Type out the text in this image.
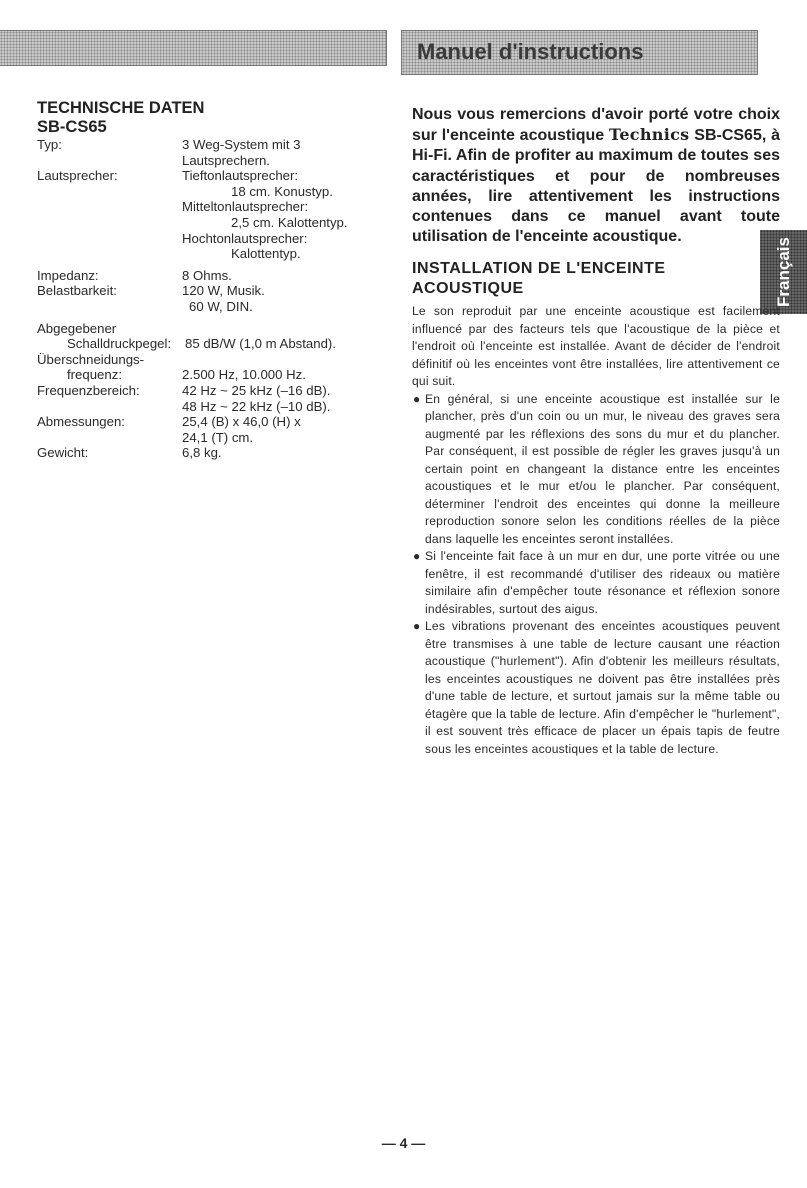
Manuel d'instructions
Français
TECHNISCHE DATEN
SB-CS65
Typ:	3 Weg-System mit 3
Lautsprechern.
Lautsprecher:	Tieftonlautsprecher:
18 cm. Konustyp.
Mitteltonlautsprecher:
2,5 cm. Kalottentyp.
Hochtonlautsprecher:
Kalottentyp.
Impedanz:	8 Ohms.
Belastbarkeit:	120 W, Musik.
60 W, DIN.
Abgegebener
Schalldruckpegel:	85 dB/W (1,0 m Abstand).
Überschneidungs-
frequenz:	2.500 Hz, 10.000 Hz.
Frequenzbereich:	42 Hz ~ 25 kHz (–16 dB).
48 Hz ~ 22 kHz (–10 dB).
Abmessungen:	25,4 (B) x 46,0 (H) x
24,1 (T) cm.
Gewicht:	6,8 kg.

Nous vous remercions d'avoir porté votre choix sur l'enceinte acoustique Technics SB-CS65, à Hi-Fi. Afin de profiter au maximum de toutes ses caractéristiques et pour de nombreuses années, lire attentivement les instructions contenues dans ce manuel avant toute utilisation de l'enceinte acoustique.

INSTALLATION DE L'ENCEINTE ACOUSTIQUE

Le son reproduit par une enceinte acoustique est facilement influencé par des facteurs tels que l'acoustique de la pièce et l'endroit où l'enceinte est installée. Avant de décider de l'endroit définitif où les enceintes vont être installées, lire attentivement ce qui suit.

● En général, si une enceinte acoustique est installée sur le plancher, près d'un coin ou un mur, le niveau des graves sera augmenté par les réflexions des sons du mur et du plancher. Par conséquent, il est possible de régler les graves jusqu'à un certain point en changeant la distance entre les enceintes acoustiques et le mur et/ou le plancher. Par conséquent, déterminer l'endroit des enceintes qui donne la meilleure reproduction sonore selon les conditions réelles de la pièce dans laquelle les enceintes seront installées.
● Si l'enceinte fait face à un mur en dur, une porte vitrée ou une fenêtre, il est recommandé d'utiliser des rideaux ou matière similaire afin d'empêcher toute résonance et réflexion sonore indésirables, surtout des aigus.
● Les vibrations provenant des enceintes acoustiques peuvent être transmises à une table de lecture causant une réaction acoustique ("hurlement"). Afin d'obtenir les meilleurs résultats, les enceintes acoustiques ne doivent pas être installées près d'une table de lecture, et surtout jamais sur la même table ou étagère que la table de lecture. Afin d'empêcher le "hurlement", il est souvent très efficace de placer un épais tapis de feutre sous les enceintes acoustiques et la table de lecture.
— 4 —
